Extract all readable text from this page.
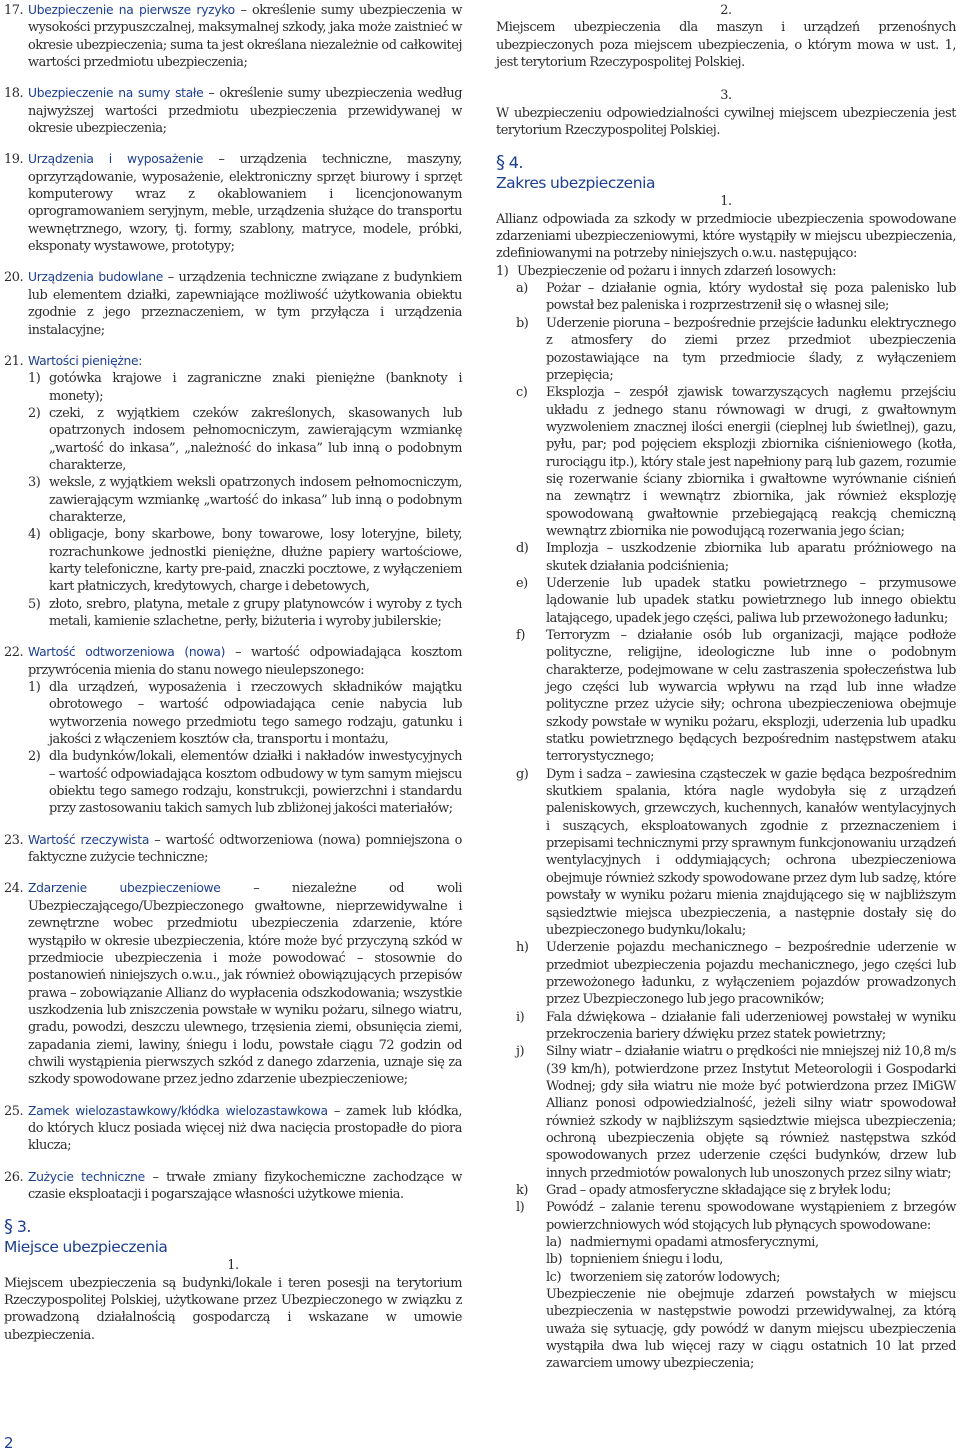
17. Ubezpieczenie na pierwsze ryzyko – określenie sumy ubezpieczenia w wysokości przypuszczalnej, maksymalnej szkody, jaka może zaistnieć w okresie ubezpieczenia; suma ta jest określana niezależnie od całkowitej wartości przedmiotu ubezpieczenia;
18. Ubezpieczenie na sumy stałe – określenie sumy ubezpieczenia według najwyższej wartości przedmiotu ubezpieczenia przewidywanej w okresie ubezpieczenia;
19. Urządzenia i wyposażenie – urządzenia techniczne, maszyny, oprzyrządowanie, wyposażenie, elektroniczny sprzęt biurowy i sprzęt komputerowy wraz z okablowaniem i licencjonowanym oprogramowaniem seryjnym, meble, urządzenia służące do transportu wewnętrznego, wzory, tj. formy, szablony, matryce, modele, próbki, eksponaty wystawowe, prototypy;
20. Urządzenia budowlane – urządzenia techniczne związane z budynkiem lub elementem działki, zapewniające możliwość użytkowania obiektu zgodnie z jego przeznaczeniem, w tym przyłącza i urządzenia instalacyjne;
21. Wartości pieniężne:
1) gotówka krajowe i zagraniczne znaki pieniężne (banknoty i monety);
2) czeki, z wyjątkiem czeków zakreślonych, skasowanych lub opatrzonych indosem pełnomocniczym, zawierającym wzmiankę „wartość do inkasa”, „należność do inkasa” lub inną o podobnym charakterze,
3) weksle, z wyjątkiem weksli opatrzonych indosem pełnomocniczym, zawierającym wzmiankę „wartość do inkasa” lub inną o podobnym charakterze,
4) obligacje, bony skarbowe, bony towarowe, losy loteryjne, bilety, rozrachunkowe jednostki pieniężne, dłużne papiery wartościowe, karty telefoniczne, karty pre-paid, znaczki pocztowe, z wyłączeniem kart płatniczych, kredytowych, charge i debetowych,
5) złoto, srebro, platyna, metale z grupy platynowców i wyroby z tych metali, kamienie szlachetne, perły, biżuteria i wyroby jubilerskie;
22. Wartość odtworzeniowa (nowa) – wartość odpowiadająca kosztom przywrócenia mienia do stanu nowego nieulepszonego:
1) dla urządzeń, wyposażenia i rzeczowych składników majątku obrotowego – wartość odpowiadająca cenie nabycia lub wytworzenia nowego przedmiotu tego samego rodzaju, gatunku i jakości z włączeniem kosztów cła, transportu i montażu,
2) dla budynków/lokali, elementów działki i nakładów inwestycyjnych – wartość odpowiadająca kosztom odbudowy w tym samym miejscu obiektu tego samego rodzaju, konstrukcji, powierzchni i standardu przy zastosowaniu takich samych lub zbliżonej jakości materiałów;
23. Wartość rzeczywista – wartość odtworzeniowa (nowa) pomniejszona o faktyczne zużycie techniczne;
24. Zdarzenie ubezpieczeniowe – niezależne od woli Ubezpieczającego/Ubezpieczonego gwałtowne, nieprzewidywalne i zewnętrzne wobec przedmiotu ubezpieczenia zdarzenie, które wystąpiło w okresie ubezpieczenia, które może być przyczyną szkód w przedmiocie ubezpieczenia i może powodować – stosownie do postanowień niniejszych o.w.u., jak również obowiązujących przepisów prawa – zobowiązanie Allianz do wypłacenia odszkodowania; wszystkie uszkodzenia lub zniszczenia powstałe w wyniku pożaru, silnego wiatru, gradu, powodzi, deszczu ulewnego, trzęsienia ziemi, obsunięcia ziemi, zapadania ziemi, lawiny, śniegu i lodu, powstałe ciągu 72 godzin od chwili wystąpienia pierwszych szkód z danego zdarzenia, uznaje się za szkody spowodowane przez jedno zdarzenie ubezpieczeniowe;
25. Zamek wielozastawkowy/kłódka wielozastawkowa – zamek lub kłódka, do których klucz posiada więcej niż dwa nacięcia prostopadłe do piora klucza;
26. Zużycie techniczne – trwałe zmiany fizykochemiczne zachodzące w czasie eksploatacji i pogarszające własności użytkowe mienia.
§ 3.
Miejsce ubezpieczenia
1.
Miejscem ubezpieczenia są budynki/lokale i teren posesji na terytorium Rzeczypospolitej Polskiej, użytkowane przez Ubezpieczonego w związku z prowadzoną działalnością gospodarczą i wskazane w umowie ubezpieczenia.
2.
Miejscem ubezpieczenia dla maszyn i urządzeń przenośnych ubezpieczonych poza miejscem ubezpieczenia, o którym mowa w ust. 1, jest terytorium Rzeczypospolitej Polskiej.
3.
W ubezpieczeniu odpowiedzialności cywilnej miejscem ubezpieczenia jest terytorium Rzeczypospolitej Polskiej.
§ 4.
Zakres ubezpieczenia
1.
Allianz odpowiada za szkody w przedmiocie ubezpieczenia spowodowane zdarzeniami ubezpieczeniowymi, które wystąpiły w miejscu ubezpieczenia, zdefiniowanymi na potrzeby niniejszych o.w.u. następująco:
1) Ubezpieczenie od pożaru i innych zdarzeń losowych:
a)	Pożar – działanie ognia, który wydostał się poza palenisko lub powstał bez paleniska i rozprzestrzenił się o własnej sile;
b)	Uderzenie pioruna – bezpośrednie przejście ładunku elektrycznego z atmosfery do ziemi przez przedmiot ubezpieczenia pozostawiające na tym przedmiocie ślady, z wyłączeniem przepięcia;
c)	Eksplozja – zespół zjawisk towarzyszących nagłemu przejściu układu z jednego stanu równowagi w drugi, z gwałtownym wyzwoleniem znacznej ilości energii (cieplnej lub świetlnej), gazu, pyłu, par; pod pojęciem eksplozji zbiornika ciśnieniowego (kotła, rurociągu itp.), który stale jest napełniony parą lub gazem, rozumie się rozerwanie ściany zbiornika i gwałtowne wyrównanie ciśnień na zewnątrz i wewnątrz zbiornika, jak również eksplozję spowodowaną gwałtownie przebiegającą reakcją chemiczną wewnątrz zbiornika nie powodującą rozerwania jego ścian;
d)	Implozja – uszkodzenie zbiornika lub aparatu próżniowego na skutek działania podciśnienia;
e)	Uderzenie lub upadek statku powietrznego – przymusowe lądowanie lub upadek statku powietrznego lub innego obiektu latającego, upadek jego części, paliwa lub przewożonego ładunku;
f)	Terroryzm – działanie osób lub organizacji, mające podłoże polityczne, religijne, ideologiczne lub inne o podobnym charakterze, podejmowane w celu zastraszenia społeczeństwa lub jego części lub wywarcia wpływu na rząd lub inne władze polityczne przez użycie siły; ochrona ubezpieczeniowa obejmuje szkody powstałe w wyniku pożaru, eksplozji, uderzenia lub upadku statku powietrznego będących bezpośrednim następstwem ataku terrorystycznego;
g)	Dym i sadza – zawiesina cząsteczek w gazie będąca bezpośrednim skutkiem spalania, która nagle wydobyła się z urządzeń paleniskowych, grzewczych, kuchennych, kanałów wentylacyjnych i suszących, eksploatowanych zgodnie z przeznaczeniem i przepisami technicznymi przy sprawnym funkcjonowaniu urządzeń wentylacyjnych i oddymiających; ochrona ubezpieczeniowa obejmuje również szkody spowodowane przez dym lub sadzę, które powstały w wyniku pożaru mienia znajdującego się w najbliższym sąsiedztwie miejsca ubezpieczenia, a następnie dostały się do ubezpieczonego budynku/lokalu;
h)	Uderzenie pojazdu mechanicznego – bezpośrednie uderzenie w przedmiot ubezpieczenia pojazdu mechanicznego, jego części lub przewożonego ładunku, z wyłączeniem pojazdów prowadzonych przez Ubezpieczonego lub jego pracowników;
i)	Fala dźwiękowa – działanie fali uderzeniowej powstałej w wyniku przekroczenia bariery dźwięku przez statek powietrzny;
j)	Silny wiatr – działanie wiatru o prędkości nie mniejszej niż 10,8 m/s (39 km/h), potwierdzone przez Instytut Meteorologii i Gospodarki Wodnej; gdy siła wiatru nie może być potwierdzona przez IMiGW Allianz ponosi odpowiedzialność, jeżeli silny wiatr spowodował również szkody w najbliższym sąsiedztwie miejsca ubezpieczenia; ochroną ubezpieczenia objęte są również następstwa szkód spowodowanych przez uderzenie części budynków, drzew lub innych przedmiotów powalonych lub unoszonych przez silny wiatr;
k)	Grad – opady atmosferyczne składające się z bryłek lodu;
l)	Powódź – zalanie terenu spowodowane wystąpieniem z brzegów powierzchniowych wód stojących lub płynących spowodowane:
la) nadmiernymi opadami atmosferycznymi,
lb) topnieniem śniegu i lodu,
lc) tworzeniem się zatorów lodowych;
Ubezpieczenie nie obejmuje zdarzeń powstałych w miejscu ubezpieczenia w następstwie powodzi przewidywalnej, za którą uważa się sytuację, gdy powódź w danym miejscu ubezpieczenia wystąpiła dwa lub więcej razy w ciągu ostatnich 10 lat przed zawarciem umowy ubezpieczenia;
2
